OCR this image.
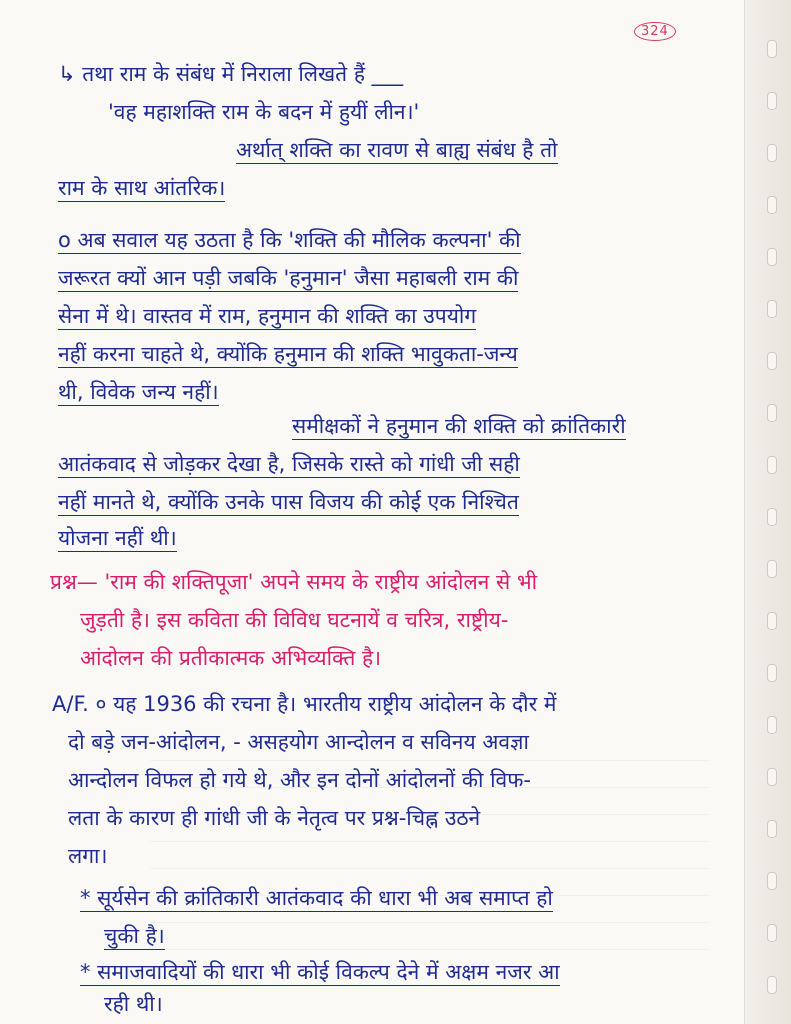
324
↳ तथा राम के संबंध में निराला लिखते हैं ___
'वह महाशक्ति राम के बदन में हुयीं लीन।'
अर्थात् शक्ति का रावण से बाह्य संबंध है तो
राम के साथ आंतरिक।
o अब सवाल यह उठता है कि 'शक्ति की मौलिक कल्पना' की
जरूरत क्यों आन पड़ी जबकि 'हनुमान' जैसा महाबली राम की
सेना में थे। वास्तव में राम, हनुमान की शक्ति का उपयोग
नहीं करना चाहते थे, क्योंकि हनुमान की शक्ति भावुकता-जन्य
थी, विवेक जन्य नहीं।
समीक्षकों ने हनुमान की शक्ति को क्रांतिकारी
आतंकवाद से जोड़कर देखा है, जिसके रास्ते को गांधी जी सही
नहीं मानते थे, क्योंकि उनके पास विजय की कोई एक निश्चित
योजना नहीं थी।
प्रश्न— 'राम की शक्तिपूजा' अपने समय के राष्ट्रीय आंदोलन से भी
जुड़ती है। इस कविता की विविध घटनायें व चरित्र, राष्ट्रीय-
आंदोलन की प्रतीकात्मक अभिव्यक्ति है।
A/F. ० यह 1936 की रचना है। भारतीय राष्ट्रीय आंदोलन के दौर में
दो बड़े जन-आंदोलन, - असहयोग आन्दोलन व सविनय अवज्ञा
आन्दोलन विफल हो गये थे, और इन दोनों आंदोलनों की विफ-
लता के कारण ही गांधी जी के नेतृत्व पर प्रश्न-चिह्न उठने
लगा।
* सूर्यसेन की क्रांतिकारी आतंकवाद की धारा भी अब समाप्त हो
चुकी है।
* समाजवादियों की धारा भी कोई विकल्प देने में अक्षम नजर आ
रही थी।
